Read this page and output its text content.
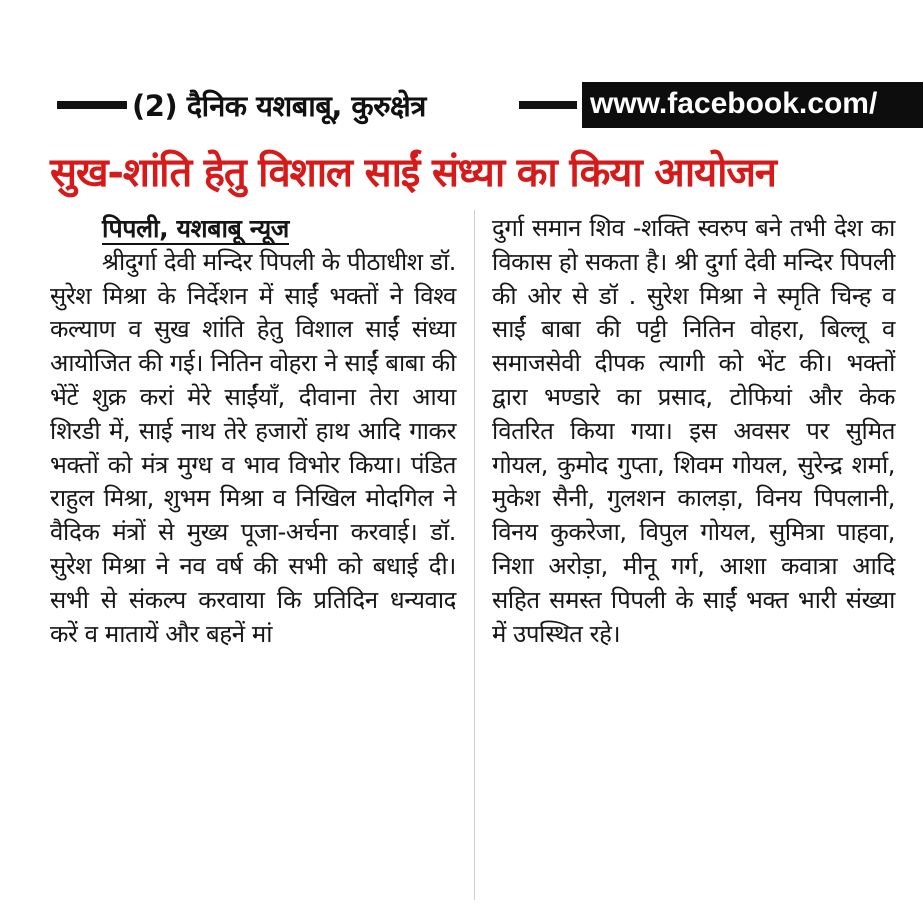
(2) दैनिक यशबाबू, कुरुक्षेत्र	www.facebook.com/
सुख-शांति हेतु विशाल साईं संध्या का किया आयोजन
पिपली, यशबाबू न्यूज
श्रीदुर्गा देवी मन्दिर पिपली के पीठाधीश डॉ. सुरेश मिश्रा के निर्देशन में साईं भक्तों ने विश्व कल्याण व सुख शांति हेतु विशाल साईं संध्या आयोजित की गई। नितिन वोहरा ने साईं बाबा की भेंटें शुक्र करां मेरे साईंयाँ, दीवाना तेरा आया शिरडी में, साई नाथ तेरे हजारों हाथ आदि गाकर भक्तों को मंत्र मुग्ध व भाव विभोर किया। पंडित राहुल मिश्रा, शुभम मिश्रा व निखिल मोदगिल ने वैदिक मंत्रों से मुख्य पूजा-अर्चना करवाई। डॉ. सुरेश मिश्रा ने नव वर्ष की सभी को बधाई दी। सभी से संकल्प करवाया कि प्रतिदिन धन्यवाद करें व मातायें और बहनें मां
दुर्गा समान शिव -शक्ति स्वरुप बने तभी देश का विकास हो सकता है। श्री दुर्गा देवी मन्दिर पिपली की ओर से डॉ . सुरेश मिश्रा ने स्मृति चिन्ह व साईं बाबा की पट्टी नितिन वोहरा, बिल्लू व समाजसेवी दीपक त्यागी को भेंट की। भक्तों द्वारा भण्डारे का प्रसाद, टोफियां और केक वितरित किया गया। इस अवसर पर सुमित गोयल, कुमोद गुप्ता, शिवम गोयल, सुरेन्द्र शर्मा, मुकेश सैनी, गुलशन कालड़ा, विनय पिपलानी, विनय कुकरेजा, विपुल गोयल, सुमित्रा पाहवा, निशा अरोड़ा, मीनू गर्ग, आशा कवात्रा आदि सहित समस्त पिपली के साईं भक्त भारी संख्या में उपस्थित रहे।
